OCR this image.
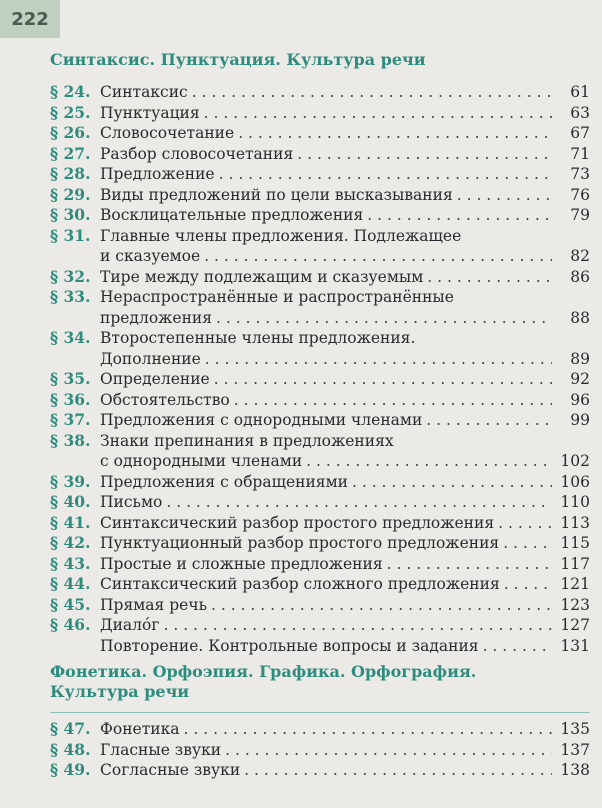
222
Синтаксис. Пунктуация. Культура речи
§ 24. Синтаксис . . .	61
§ 25. Пунктуация . . .	63
§ 26. Словосочетание . . .	67
§ 27. Разбор словосочетания . . .	71
§ 28. Предложение . . .	73
§ 29. Виды предложений по цели высказывания . . .	76
§ 30. Восклицательные предложения . . .	79
§ 31. Главные члены предложения. Подлежащее
и сказуемое . . .	82
§ 32. Тире между подлежащим и сказуемым . . .	86
§ 33. Нераспространённые и распространённые
предложения . . .	88
§ 34. Второстепенные члены предложения.
Дополнение . . .	89
§ 35. Определение . . .	92
§ 36. Обстоятельство . . .	96
§ 37. Предложения с однородными членами . . .	99
§ 38. Знаки препинания в предложениях
с однородными членами . . .	102
§ 39. Предложения с обращениями . . .	106
§ 40. Письмо . . .	110
§ 41. Синтаксический разбор простого предложения . . .	113
§ 42. Пунктуационный разбор простого предложения . . .	115
§ 43. Простые и сложные предложения . . .	117
§ 44. Синтаксический разбор сложного предложения . . .	121
§ 45. Прямая речь . . .	123
§ 46. Диалóг . . .	127
Повторение. Контрольные вопросы и задания . . .	131
Фонетика. Орфоэпия. Графика. Орфография.
Культура речи
§ 47. Фонетика . . .	135
§ 48. Гласные звуки . . .	137
§ 49. Согласные звуки . . .	138
